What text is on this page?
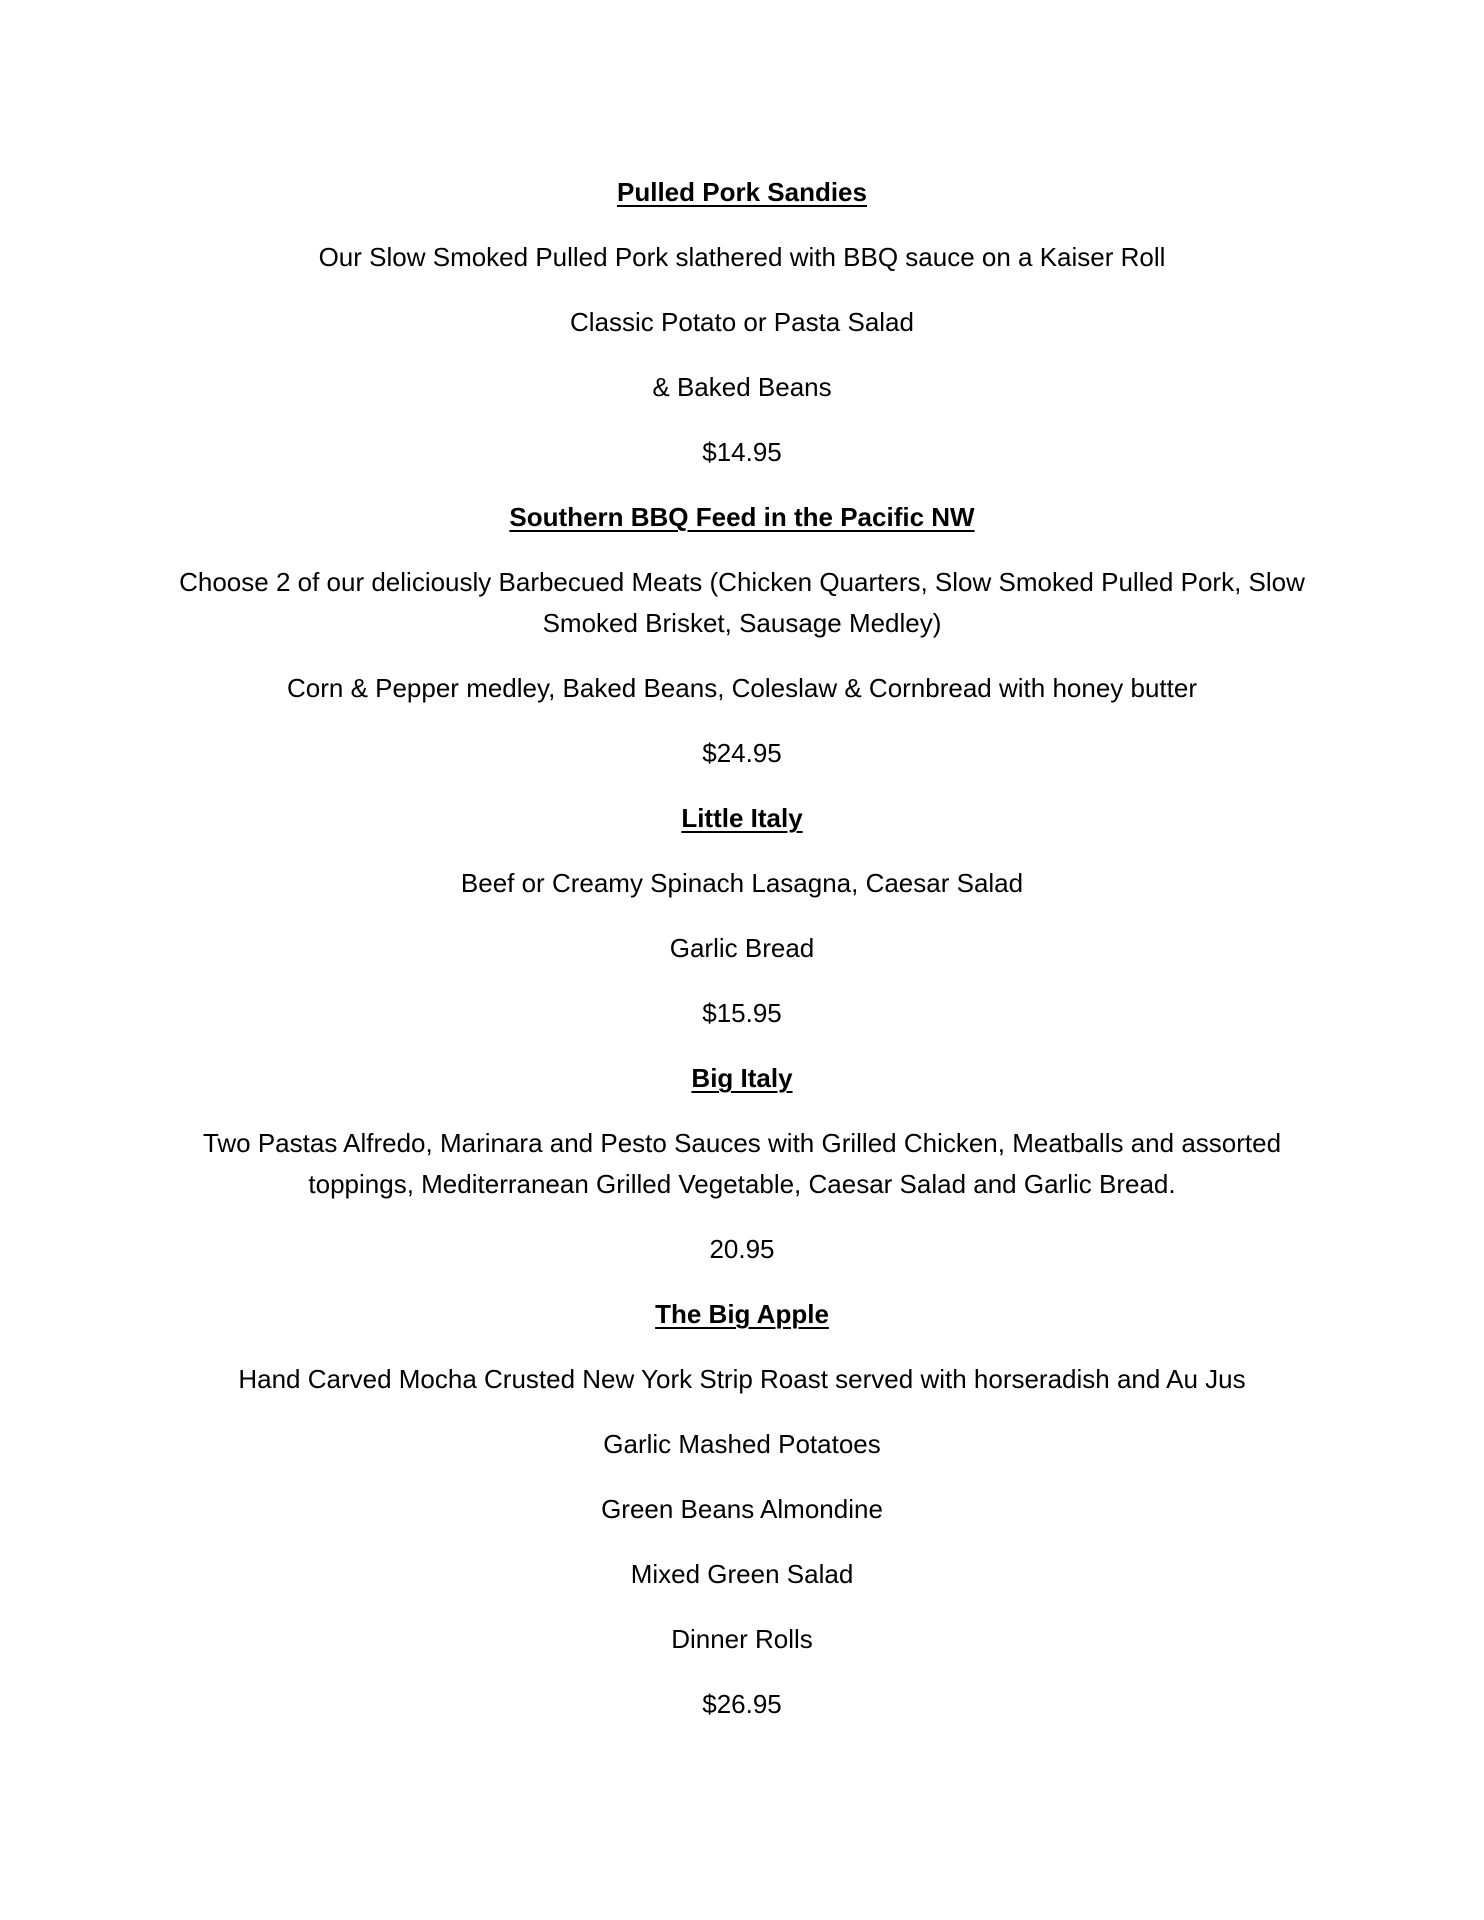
Pulled Pork Sandies

Our Slow Smoked Pulled Pork slathered with BBQ sauce on a Kaiser Roll

Classic Potato or Pasta Salad

& Baked Beans

$14.95

Southern BBQ Feed in the Pacific NW

Choose 2 of our deliciously Barbecued Meats (Chicken Quarters, Slow Smoked Pulled Pork, Slow Smoked Brisket, Sausage Medley)

Corn & Pepper medley, Baked Beans, Coleslaw & Cornbread with honey butter

$24.95

Little Italy

Beef or Creamy Spinach Lasagna, Caesar Salad

Garlic Bread

$15.95

Big Italy

Two Pastas Alfredo, Marinara and Pesto Sauces with Grilled Chicken, Meatballs and assorted toppings, Mediterranean Grilled Vegetable, Caesar Salad and Garlic Bread.

20.95

The Big Apple

Hand Carved Mocha Crusted New York Strip Roast served with horseradish and Au Jus

Garlic Mashed Potatoes

Green Beans Almondine

Mixed Green Salad

Dinner Rolls

$26.95
